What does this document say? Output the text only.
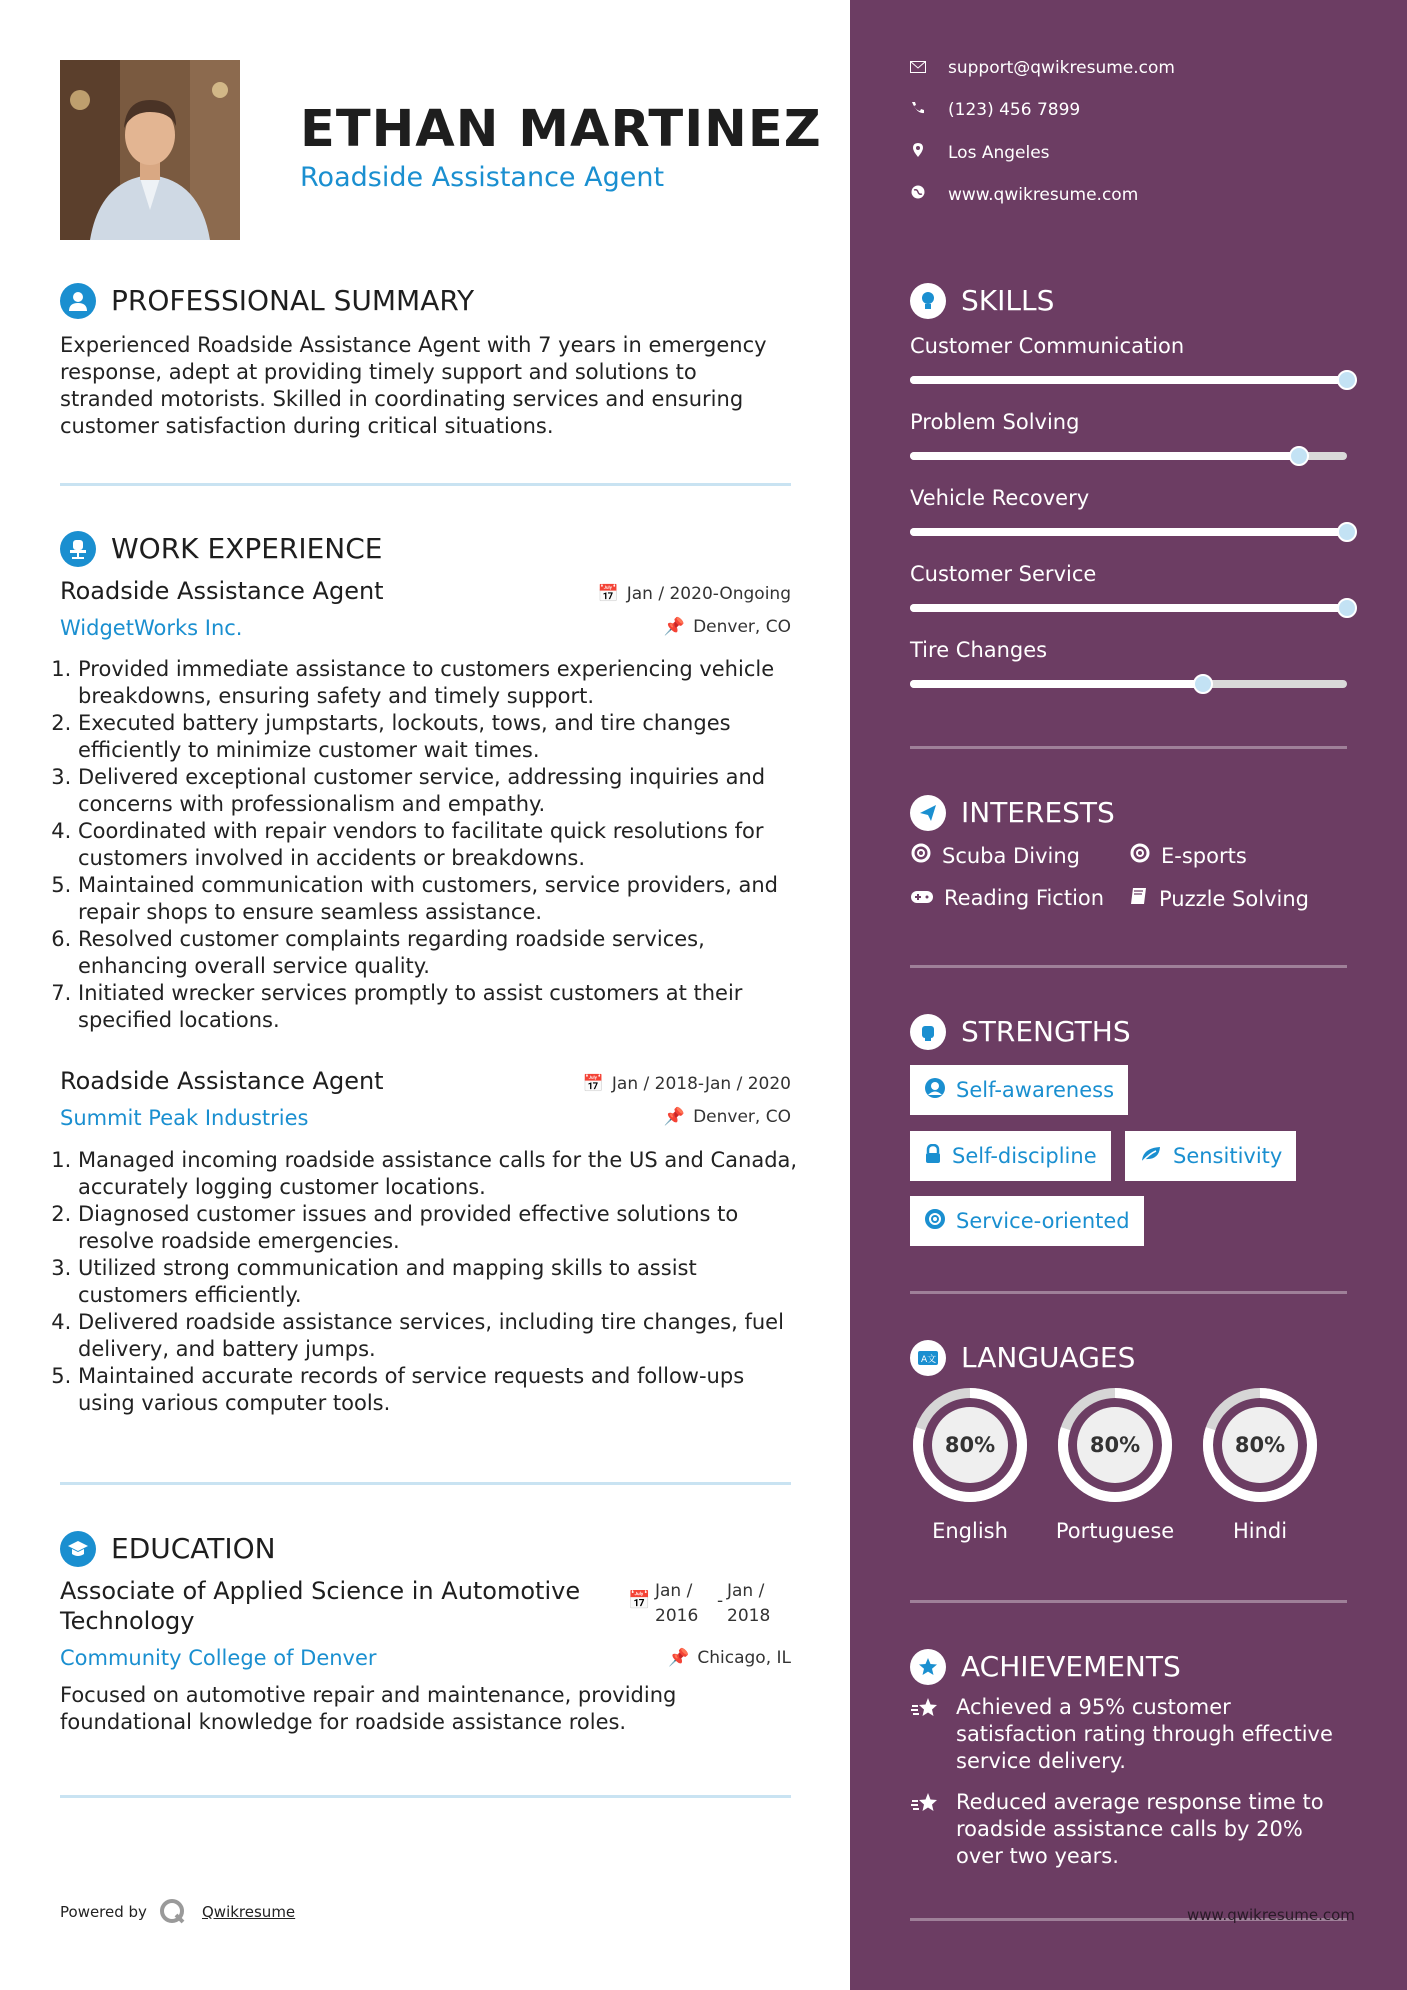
ETHAN MARTINEZ
Roadside Assistance Agent
PROFESSIONAL SUMMARY
Experienced Roadside Assistance Agent with 7 years in emergency response, adept at providing timely support and solutions to stranded motorists. Skilled in coordinating services and ensuring customer satisfaction during critical situations.
WORK EXPERIENCE
Roadside Assistance Agent	📅 Jan / 2020-Ongoing
WidgetWorks Inc.	📌 Denver, CO
1. Provided immediate assistance to customers experiencing vehicle breakdowns, ensuring safety and timely support.
2. Executed battery jumpstarts, lockouts, tows, and tire changes efficiently to minimize customer wait times.
3. Delivered exceptional customer service, addressing inquiries and concerns with professionalism and empathy.
4. Coordinated with repair vendors to facilitate quick resolutions for customers involved in accidents or breakdowns.
5. Maintained communication with customers, service providers, and repair shops to ensure seamless assistance.
6. Resolved customer complaints regarding roadside services, enhancing overall service quality.
7. Initiated wrecker services promptly to assist customers at their specified locations.
Roadside Assistance Agent	📅 Jan / 2018-Jan / 2020
Summit Peak Industries	📌 Denver, CO
1. Managed incoming roadside assistance calls for the US and Canada, accurately logging customer locations.
2. Diagnosed customer issues and provided effective solutions to resolve roadside emergencies.
3. Utilized strong communication and mapping skills to assist customers efficiently.
4. Delivered roadside assistance services, including tire changes, fuel delivery, and battery jumps.
5. Maintained accurate records of service requests and follow-ups using various computer tools.
EDUCATION
Associate of Applied Science in Automotive
Technology
📅 Jan /
2016
- Jan /
2018
Community College of Denver	📌 Chicago, IL
Focused on automotive repair and maintenance, providing foundational knowledge for roadside assistance roles.
Powered by	Qwikresume
support@qwikresume.com
(123) 456 7899
Los Angeles
www.qwikresume.com
SKILLS
INTERESTS
Scuba Diving	E-sports
Reading Fiction	Puzzle Solving
STRENGTHS
Self-awareness
Self-discipline	Sensitivity
Service-oriented
A文 LANGUAGES
ACHIEVEMENTS
Achieved a 95% customer satisfaction rating through effective service delivery.
Reduced average response time to roadside assistance calls by 20% over two years.
www.qwikresume.com
Customer Communication
Problem Solving
Vehicle Recovery
Customer Service
Tire Changes
80%
English
80%
Portuguese
80%
Hindi
